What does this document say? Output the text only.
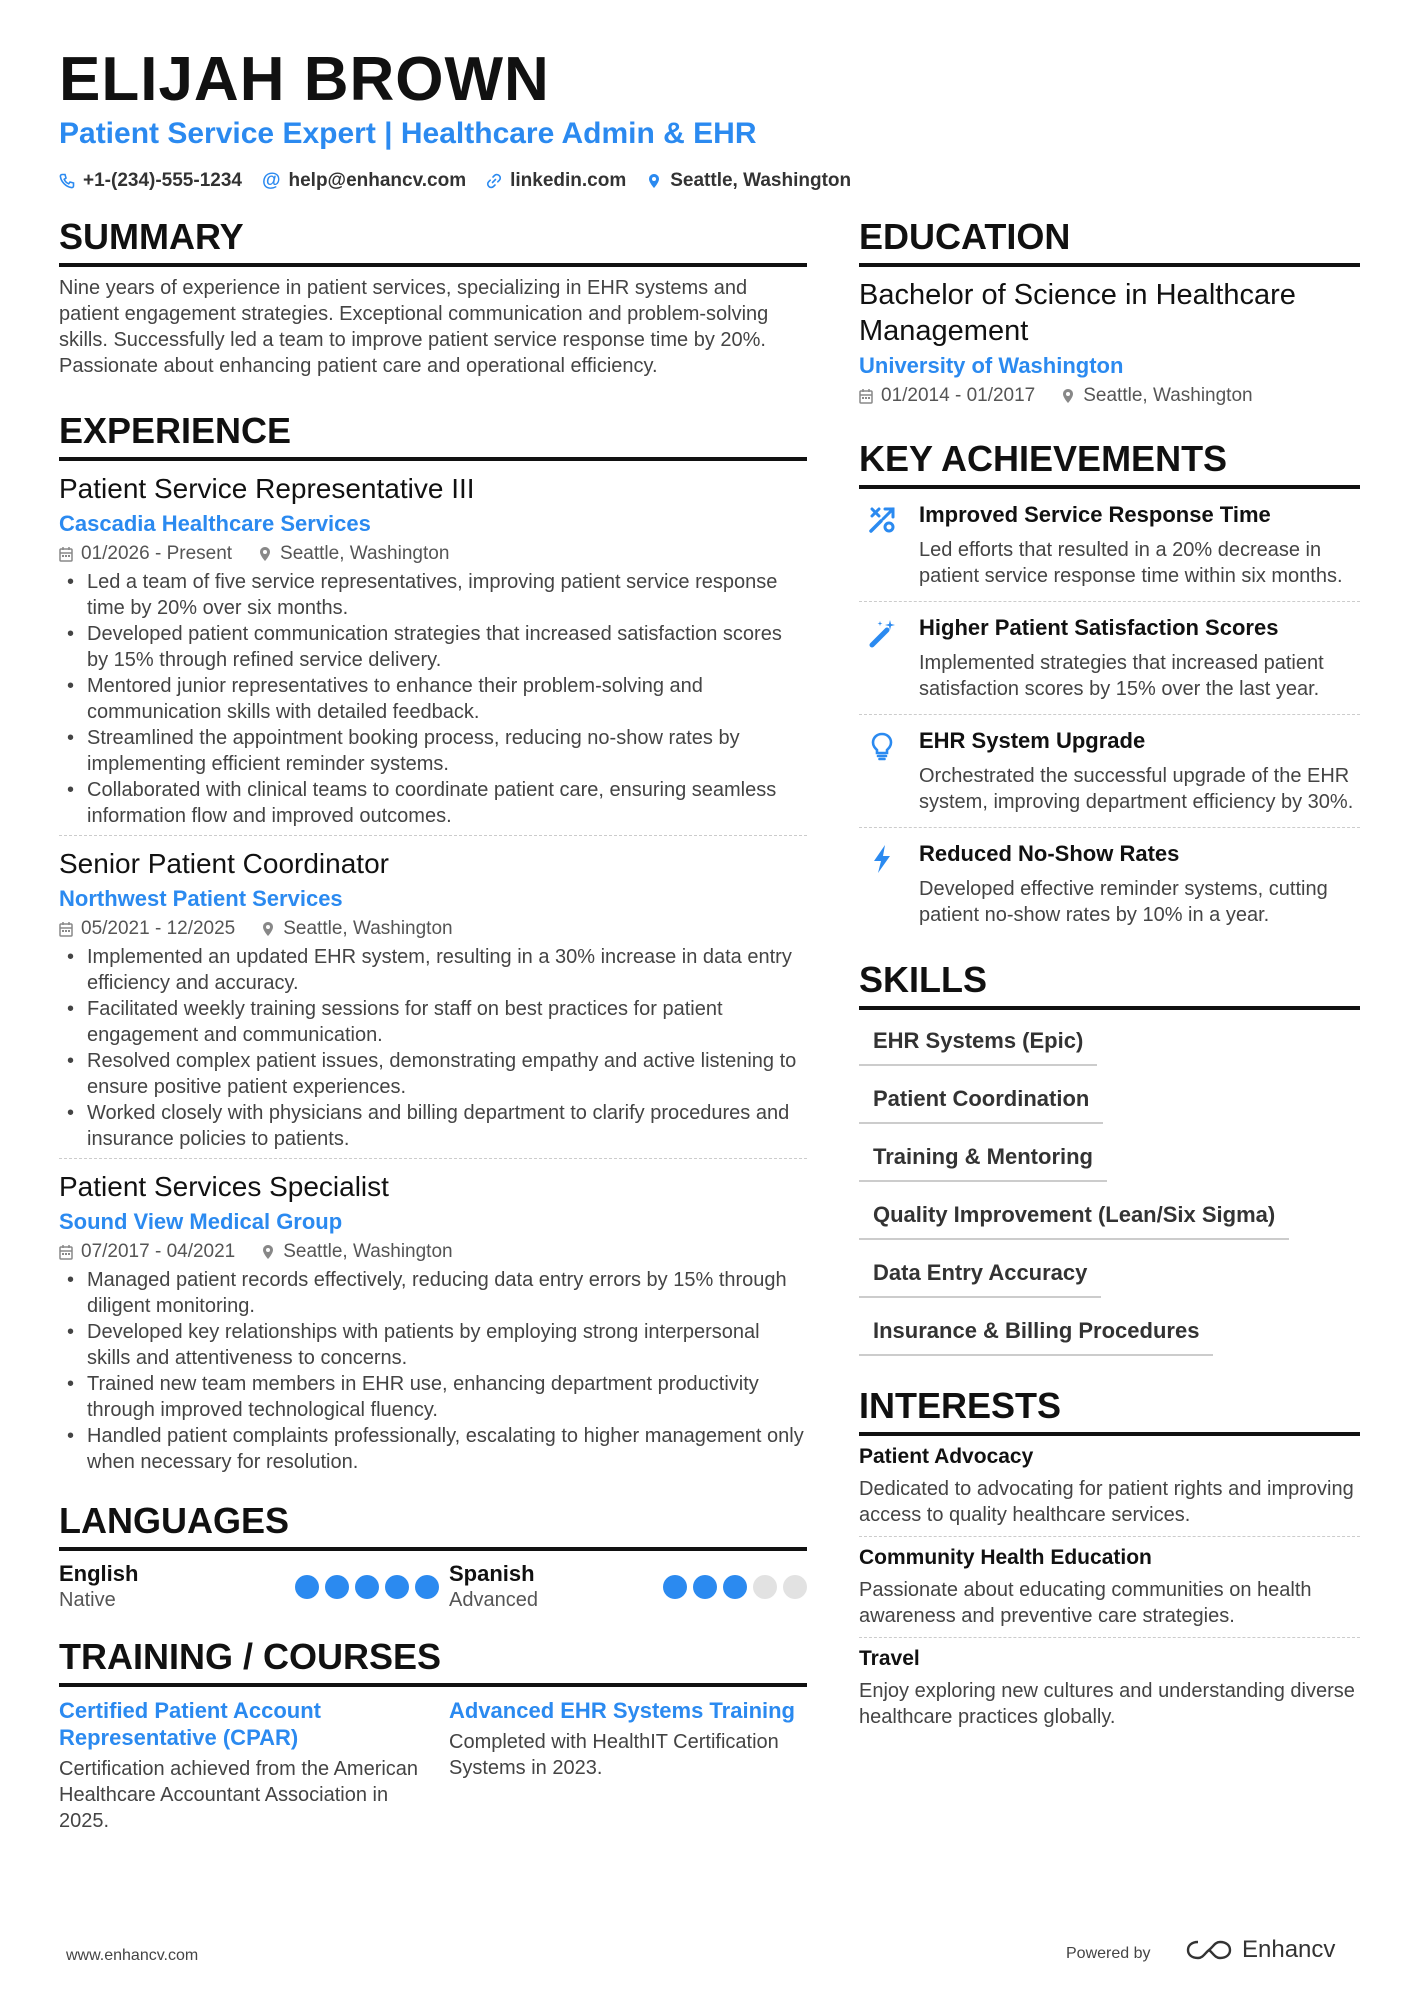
ELIJAH BROWN
Patient Service Expert | Healthcare Admin & EHR
+1-(234)-555-1234 @ help@enhancv.com linkedin.com Seattle, Washington
SUMMARY

Nine years of experience in patient services, specializing in EHR systems and patient engagement strategies. Exceptional communication and problem-solving skills. Successfully led a team to improve patient service response time by 20%. Passionate about enhancing patient care and operational efficiency.

EXPERIENCE
Patient Service Representative III
Cascadia Healthcare Services
01/2026 - Present	Seattle, Washington
• Led a team of five service representatives, improving patient service response time by 20% over six months.
• Developed patient communication strategies that increased satisfaction scores by 15% through refined service delivery.
• Mentored junior representatives to enhance their problem-solving and communication skills with detailed feedback.
• Streamlined the appointment booking process, reducing no-show rates by implementing efficient reminder systems.
• Collaborated with clinical teams to coordinate patient care, ensuring seamless information flow and improved outcomes.
Senior Patient Coordinator
Northwest Patient Services
05/2021 - 12/2025	Seattle, Washington
• Implemented an updated EHR system, resulting in a 30% increase in data entry efficiency and accuracy.
• Facilitated weekly training sessions for staff on best practices for patient engagement and communication.
• Resolved complex patient issues, demonstrating empathy and active listening to ensure positive patient experiences.
• Worked closely with physicians and billing department to clarify procedures and insurance policies to patients.
Patient Services Specialist
Sound View Medical Group
07/2017 - 04/2021	Seattle, Washington
• Managed patient records effectively, reducing data entry errors by 15% through diligent monitoring.
• Developed key relationships with patients by employing strong interpersonal skills and attentiveness to concerns.
• Trained new team members in EHR use, enhancing department productivity through improved technological fluency.
• Handled patient complaints professionally, escalating to higher management only when necessary for resolution.
LANGUAGES
English
Native
Spanish
Advanced
TRAINING / COURSES
Certified Patient Account Representative (CPAR)
Certification achieved from the American Healthcare Accountant Association in 2025.
Advanced EHR Systems Training
Completed with HealthIT Certification Systems in 2023.
EDUCATION
Bachelor of Science in Healthcare Management
University of Washington
01/2014 - 01/2017	Seattle, Washington
KEY ACHIEVEMENTS
Improved Service Response Time
Led efforts that resulted in a 20% decrease in patient service response time within six months.
Higher Patient Satisfaction Scores
Implemented strategies that increased patient satisfaction scores by 15% over the last year.
EHR System Upgrade
Orchestrated the successful upgrade of the EHR system, improving department efficiency by 30%.
Reduced No-Show Rates
Developed effective reminder systems, cutting patient no-show rates by 10% in a year.
SKILLS
EHR Systems (Epic)
Patient Coordination
Training & Mentoring
Quality Improvement (Lean/Six Sigma)
Data Entry Accuracy
Insurance & Billing Procedures
INTERESTS
Patient Advocacy
Dedicated to advocating for patient rights and improving access to quality healthcare services.
Community Health Education
Passionate about educating communities on health awareness and preventive care strategies.
Travel
Enjoy exploring new cultures and understanding diverse healthcare practices globally.
www.enhancv.com	Powered by	Enhancv
